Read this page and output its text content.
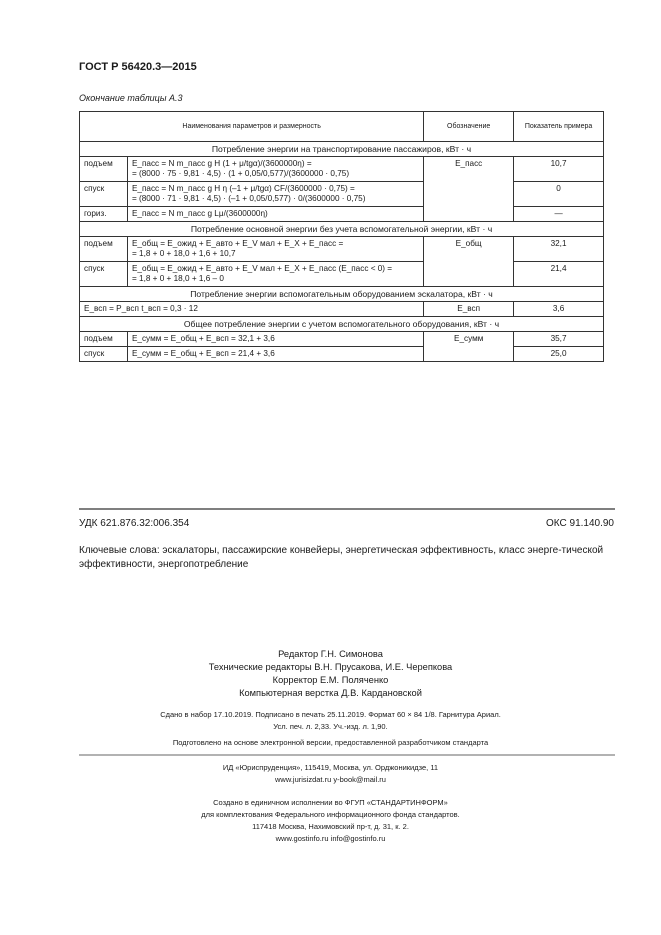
ГОСТ Р 56420.3—2015
Окончание таблицы А.3
Наименования параметров и размерность		Обозначение	Показатель примера
Потребление энергии на транспортирование пассажиров, кВт · ч			
подъем	E_пасс = N m_пасс g H (1 + μ/tgα)/(3600000η) =
= (8000 · 75 · 9,81 · 4,5) · (1 + 0,05/0,577)/(3600000 · 0,75)	E_пасс	10,7
спуск	E_пасс = N m_пасс g H η (–1 + μ/tgα) CF/(3600000 · 0,75) =
= (8000 · 71 · 9,81 · 4,5) · (–1 + 0,05/0,577) · 0/(3600000 · 0,75)		0
гориз.	E_пасс = N m_пасс g Lμ/(3600000η)		—
Потребление основной энергии без учета вспомогательной энергии, кВт · ч			
подъем	E_общ = E_ожид + E_авто + E_V мал + E_X + E_пасс =
= 1,8 + 0 + 18,0 + 1,6 + 10,7	E_общ	32,1
спуск	E_общ = E_ожид + E_авто + E_V мал + E_X + E_пасс (E_пасс < 0) =
= 1,8 + 0 + 18,0 + 1,6 – 0		21,4
Потребление энергии вспомогательным оборудованием эскалатора, кВт · ч			
E_всп = P_всп t_всп = 0,3 · 12		E_всп	3,6
Общее потребление энергии с учетом вспомогательного оборудования, кВт · ч			
подъем	E_сумм = E_общ + E_всп = 32,1 + 3,6	E_сумм	35,7
спуск	E_сумм = E_общ + E_всп = 21,4 + 3,6		25,0
УДК 621.876.32:006.354	ОКС 91.140.90
Ключевые слова: эскалаторы, пассажирские конвейеры, энергетическая эффективность, класс энерге-тической эффективности, энергопотребление
Редактор Г.Н. Симонова
Технические редакторы В.Н. Прусакова, И.Е. Черепкова
Корректор Е.М. Поляченко
Компьютерная верстка Д.В. Кардановской
Сдано в набор 17.10.2019. Подписано в печать 25.11.2019. Формат 60 × 84 1/8. Гарнитура Ариал.
Усл. печ. л. 2,33. Уч.-изд. л. 1,90.
Подготовлено на основе электронной версии, предоставленной разработчиком стандарта
ИД «Юриспруденция», 115419, Москва, ул. Орджоникидзе, 11
www.jurisizdat.ru y-book@mail.ru
Создано в единичном исполнении во ФГУП «СТАНДАРТИНФОРМ»
для комплектования Федерального информационного фонда стандартов.
117418 Москва, Нахимовский пр-т, д. 31, к. 2.
www.gostinfo.ru info@gostinfo.ru
